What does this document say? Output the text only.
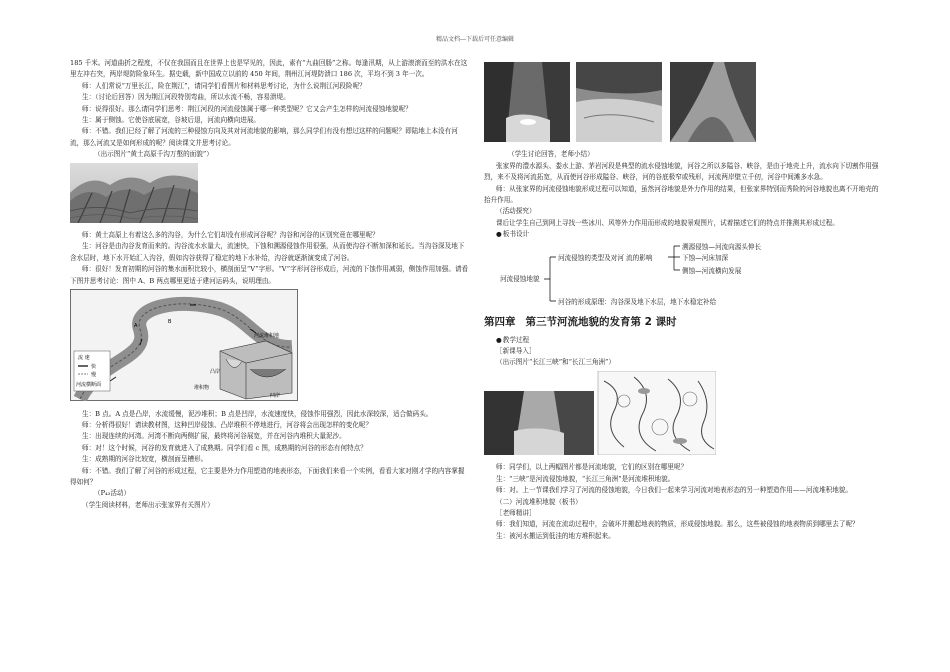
精品文档---下载后可任意编辑

185 千米。河道曲折之程度，不仅在我国而且在世界上也是罕见的，因此，素有“九曲回肠”之称。每逢汛期，从上游滚滚而至的洪水在这里左冲右突，两岸堤防险象环生。据史载，新中国成立以前的 450 年间，荆州江河堤防溃口 186 次，平均不到 3 年一次。

师：人们常说“万里长江，险在荆江”，请同学们看图片和材料思考讨论，为什么说荆江河段险呢？

生：（讨论后回答）因为荆江河段特别弯曲，所以水流不畅，容易溃堤。

师：说得很好。那么请同学们思考：荆江河段的河流侵蚀属于哪一种类型呢？它又会产生怎样的河流侵蚀地貌呢？

生：属于侧蚀。它使谷底展宽，谷坡后退，河流向横向进展。

师：不错。我们已经了解了河流的三种侵蚀方向及其对河流地貌的影响，那么同学们有没有想过这样的问题呢？即陆地上本没有河流，那么河流又是如何形成的呢？阅读课文并思考讨论。

（出示图片“黄土高原千沟万壑的面貌”）

师：黄土高原上有着这么多的沟谷，为什么它们却没有形成河谷呢？沟谷和河谷的区别究竟在哪里呢？

生：河谷是由沟谷发育而来的。沟谷流水水量大，流速快，下蚀和溯源侵蚀作用很强，从而使沟谷不断加深和延长。当沟谷深及地下含水层时，地下水开始汇入沟谷，假如沟谷获得了稳定的地下水补给，沟谷就逐渐演变成了河谷。

师：很好！发育初期的河谷的集水面积比较小，横剖面呈“V”字形。“V”字形河谷形成后，河流的下蚀作用减弱，侧蚀作用加强。请看下图并思考讨论：图中 A、B 两点哪里更适于建河运码头，说明理由。

A
B
流 速
快
慢
河流横断面
河流堆积地
凸岸
凹岸
堆积物

生：B 点。A 点是凸岸，水流缓慢，泥沙堆积；B 点是凹岸，水流速度快，侵蚀作用强烈，因此水深较深，适合做码头。

师：分析得很好！请读教材图，这种凹岸侵蚀、凸岸堆积不停地进行，河谷将会出现怎样的变化呢？

生：出现连续的河湾。河湾不断向两侧扩展，最终将河谷展宽，并在河谷内堆积大量泥沙。

师：对！这个时候，河谷的发育就进入了成熟期。同学们看 c 图，成熟期的河谷的形态有何特点？

生：成熟期的河谷比较宽，横剖面呈槽形。

师：不错。我们了解了河谷的形成过程，它主要是外力作用塑造的地表形态，下面我们来看一个实例，看看大家对刚才学的内容掌握得如何？

（P₄₃活动）

（学生阅读材料，老师出示张家界有关图片）

（学生讨论回答，老师小结）

张家界的澧水源头、娄水上游、茅岩河段是典型的流水侵蚀地貌，河谷之所以多隘谷、峡谷，是由于地壳上升，流水向下切割作用强烈，来不及将河流拓宽，从而使河谷形成隘谷、峡谷，河的谷底极窄或残形，河流两岸壁立千仞，河谷中间滩多水急。

师：从张家界的河流侵蚀地貌形成过程可以知道，虽然河谷地貌是外力作用的结果，但张家界特别而秀险的河谷地貌也离不开地壳的抬升作用。

（活动探究）

课后让学生自己到网上寻找一些冰川、风等外力作用而形成的地貌景观图片，试着描述它们的特点并推测其形成过程。

● 板书设计

河流侵蚀地貌
河流侵蚀的类型及对河 流的影响
河谷的形成原理：沟谷深及地下水层，地下水稳定补给
溯源侵蚀—河流向源头伸长
下蚀—河床加深
侧蚀—河流横向发展
第四章 第三节河流地貌的发育第 2 课时

● 教学过程

［新课导入］

（出示图片“长江三峡”和“长江三角洲”）

师：同学们，以上两幅图片都是河流地貌，它们的区别在哪里呢？

生：“三峡”是河流侵蚀地貌，“长江三角洲”是河流堆积地貌。

师：对。上一节课我们学习了河流的侵蚀地貌，今日我们一起来学习河流对地表形态的另一种塑造作用——河流堆积地貌。

（二）河流堆积地貌（板书）

［老师精讲］

师：我们知道，河流在流动过程中，会破坏并搬起地表的物质，形成侵蚀地貌。那么，这些被侵蚀的地表物质到哪里去了呢？

生：被河水搬运到低洼的地方堆积起来。
